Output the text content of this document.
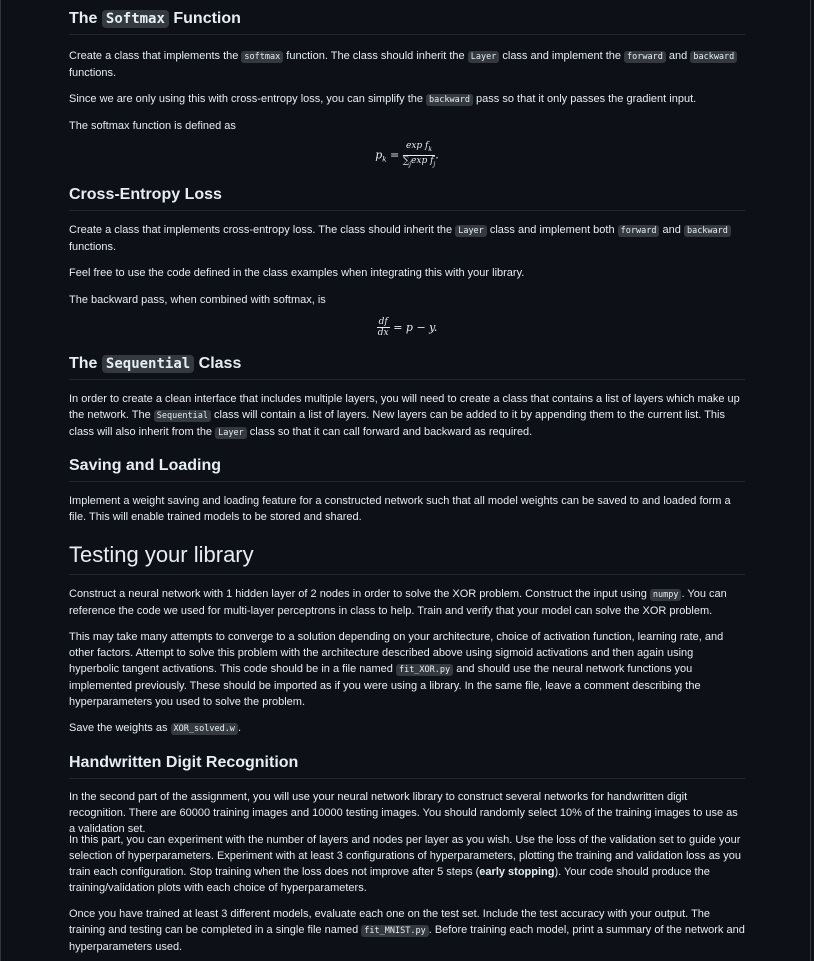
The Softmax Function

Create a class that implements the softmax function. The class should inherit the Layer class and implement the forward and backward functions.

Since we are only using this with cross-entropy loss, you can simplify the backward pass so that it only passes the gradient input.

The softmax function is defined as

$p_k = \frac{\exp f_k}{\sum_j\exp f_j}$ .
Cross-Entropy Loss

Create a class that implements cross-entropy loss. The class should inherit the Layer class and implement both forward and backward functions.

Feel free to use the code defined in the class examples when integrating this with your library.

The backward pass, when combined with softmax, is

$\frac{df}{dx} = p - y$.
The Sequential Class

In order to create a clean interface that includes multiple layers, you will need to create a class that contains a list of layers which make up the network. The Sequential class will contain a list of layers. New layers can be added to it by appending them to the current list. This class will also inherit from the Layer class so that it can call forward and backward as required.

Saving and Loading

Implement a weight saving and loading feature for a constructed network such that all model weights can be saved to and loaded form a file. This will enable trained models to be stored and shared.

Testing your library

Construct a neural network with 1 hidden layer of 2 nodes in order to solve the XOR problem. Construct the input using numpy . You can reference the code we used for multi-layer perceptrons in class to help. Train and verify that your model can solve the XOR problem.

This may take many attempts to converge to a solution depending on your architecture, choice of activation function, learning rate, and other factors. Attempt to solve this problem with the architecture described above using sigmoid activations and then again using hyperbolic tangent activations. This code should be in a file named fit_XOR.py and should use the neural network functions you implemented previously. These should be imported as if you were using a library. In the same file, leave a comment describing the hyperparameters you used to solve the problem.

Save the weights as XOR_solved.w .

Handwritten Digit Recognition

In the second part of the assignment, you will use your neural network library to construct several networks for handwritten digit recognition. There are 60000 training images and 10000 testing images. You should randomly select 10% of the training images to use as a validation set.

In this part, you can experiment with the number of layers and nodes per layer as you wish. Use the loss of the validation set to guide your selection of hyperparameters. Experiment with at least 3 configurations of hyperparameters, plotting the training and validation loss as you train each configuration. Stop training when the loss does not improve after 5 steps (early stopping). Your code should produce the training/validation plots with each choice of hyperparameters.

Once you have trained at least 3 different models, evaluate each one on the test set. Include the test accuracy with your output. The training and testing can be completed in a single file named fit_MNIST.py . Before training each model, print a summary of the network and hyperparameters used.
